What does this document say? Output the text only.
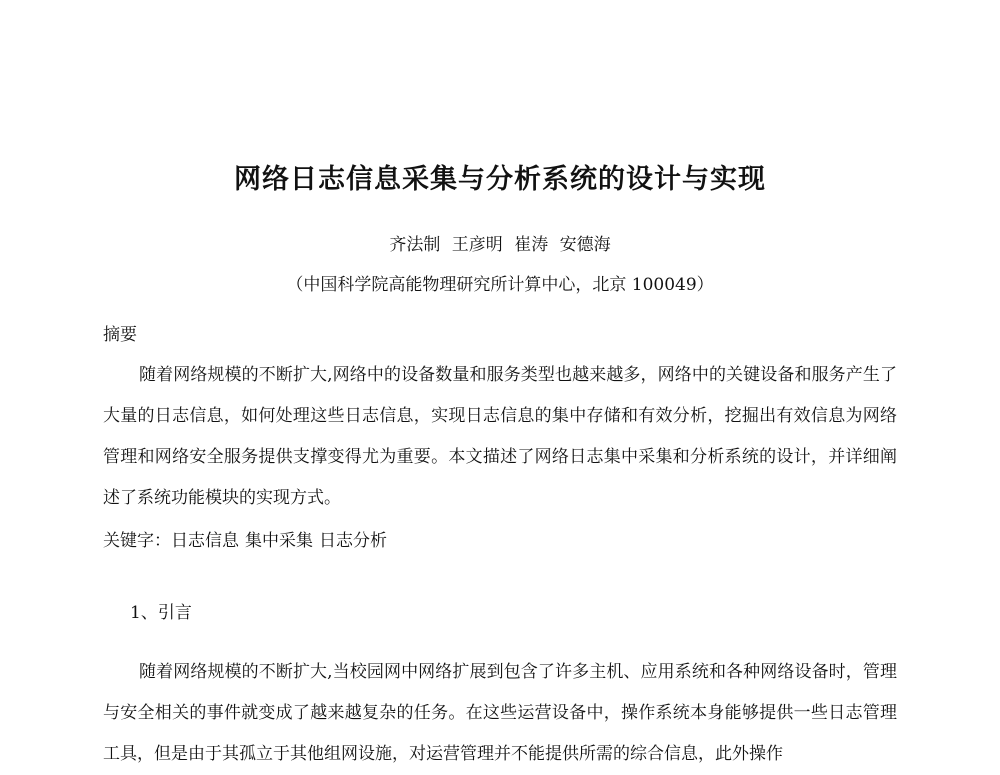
网络日志信息采集与分析系统的设计与实现
齐法制 王彦明 崔涛 安德海
（中国科学院高能物理研究所计算中心，北京 100049）
摘要
随着网络规模的不断扩大,网络中的设备数量和服务类型也越来越多，网络中的关键设备和服务产生了大量的日志信息，如何处理这些日志信息，实现日志信息的集中存储和有效分析，挖掘出有效信息为网络管理和网络安全服务提供支撑变得尤为重要。本文描述了网络日志集中采集和分析系统的设计，并详细阐述了系统功能模块的实现方式。
关键字：日志信息 集中采集 日志分析
1、引言
随着网络规模的不断扩大,当校园网中网络扩展到包含了许多主机、应用系统和各种网络设备时，管理与安全相关的事件就变成了越来越复杂的任务。在这些运营设备中，操作系统本身能够提供一些日志管理工具，但是由于其孤立于其他组网设施，对运营管理并不能提供所需的综合信息，此外操作
